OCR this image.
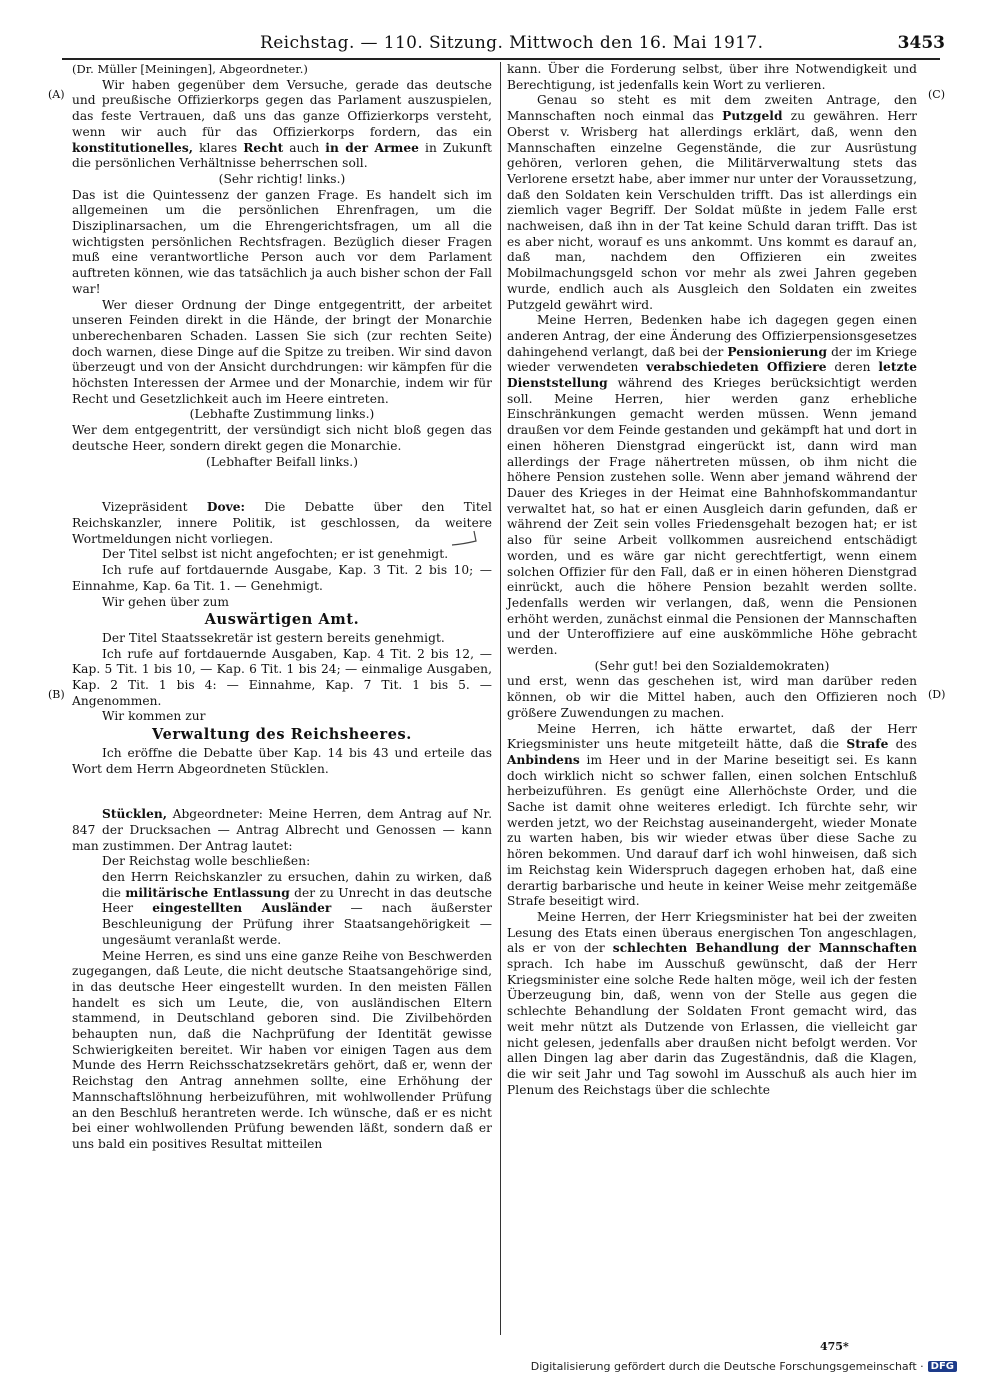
Reichstag. — 110. Sitzung. Mittwoch den 16. Mai 1917.	3453
(A)
(B)
(C)
(D)

(Dr. Müller [Meiningen], Abgeordneter.)

Wir haben gegenüber dem Versuche, gerade das deutsche und preußische Offizierkorps gegen das Parlament auszuspielen, das feste Vertrauen, daß uns das ganze Offizierkorps versteht, wenn wir auch für das Offizierkorps fordern, das ein konstitutionelles, klares Recht auch in der Armee in Zukunft die persönlichen Verhältnisse beherrschen soll.

(Sehr richtig! links.)

Das ist die Quintessenz der ganzen Frage. Es handelt sich im allgemeinen um die persönlichen Ehrenfragen, um die Disziplinarsachen, um die Ehrengerichtsfragen, um all die wichtigsten persönlichen Rechtsfragen. Bezüglich dieser Fragen muß eine verantwortliche Person auch vor dem Parlament auftreten können, wie das tatsächlich ja auch bisher schon der Fall war!

Wer dieser Ordnung der Dinge entgegentritt, der arbeitet unseren Feinden direkt in die Hände, der bringt der Monarchie unberechenbaren Schaden. Lassen Sie sich (zur rechten Seite) doch warnen, diese Dinge auf die Spitze zu treiben. Wir sind davon überzeugt und von der Ansicht durchdrungen: wir kämpfen für die höchsten Interessen der Armee und der Monarchie, indem wir für Recht und Gesetzlichkeit auch im Heere eintreten.

(Lebhafte Zustimmung links.)

Wer dem entgegentritt, der versündigt sich nicht bloß gegen das deutsche Heer, sondern direkt gegen die Monarchie.

(Lebhafter Beifall links.)

Vizepräsident Dove: Die Debatte über den Titel Reichskanzler, innere Politik, ist geschlossen, da weitere Wortmeldungen nicht vorliegen.

Der Titel selbst ist nicht angefochten; er ist genehmigt.

Ich rufe auf fortdauernde Ausgabe, Kap. 3 Tit. 2 bis 10; — Einnahme, Kap. 6a Tit. 1. — Genehmigt.

Wir gehen über zum

Auswärtigen Amt.

Der Titel Staatssekretär ist gestern bereits genehmigt.

Ich rufe auf fortdauernde Ausgaben, Kap. 4 Tit. 2 bis 12, — Kap. 5 Tit. 1 bis 10, — Kap. 6 Tit. 1 bis 24; — einmalige Ausgaben, Kap. 2 Tit. 1 bis 4: — Einnahme, Kap. 7 Tit. 1 bis 5. — Angenommen.

Wir kommen zur

Verwaltung des Reichsheeres.

Ich eröffne die Debatte über Kap. 14 bis 43 und erteile das Wort dem Herrn Abgeordneten Stücklen.

Stücklen, Abgeordneter: Meine Herren, dem Antrag auf Nr. 847 der Drucksachen — Antrag Albrecht und Genossen — kann man zustimmen. Der Antrag lautet:

Der Reichstag wolle beschließen:

den Herrn Reichskanzler zu ersuchen, dahin zu wirken, daß die militärische Entlassung der zu Unrecht in das deutsche Heer eingestellten Ausländer — nach äußerster Beschleunigung der Prüfung ihrer Staatsangehörigkeit — ungesäumt veranlaßt werde.

Meine Herren, es sind uns eine ganze Reihe von Beschwerden zugegangen, daß Leute, die nicht deutsche Staatsangehörige sind, in das deutsche Heer eingestellt wurden. In den meisten Fällen handelt es sich um Leute, die, von ausländischen Eltern stammend, in Deutschland geboren sind. Die Zivilbehörden behaupten nun, daß die Nachprüfung der Identität gewisse Schwierigkeiten bereitet. Wir haben vor einigen Tagen aus dem Munde des Herrn Reichsschatzsekretärs gehört, daß er, wenn der Reichstag den Antrag annehmen sollte, eine Erhöhung der Mannschaftslöhnung herbeizuführen, mit wohlwollender Prüfung an den Beschluß herantreten werde. Ich wünsche, daß er es nicht bei einer wohlwollenden Prüfung bewenden läßt, sondern daß er uns bald ein positives Resultat mitteilen

kann. Über die Forderung selbst, über ihre Notwendigkeit und Berechtigung, ist jedenfalls kein Wort zu verlieren.

Genau so steht es mit dem zweiten Antrage, den Mannschaften noch einmal das Putzgeld zu gewähren. Herr Oberst v. Wrisberg hat allerdings erklärt, daß, wenn den Mannschaften einzelne Gegenstände, die zur Ausrüstung gehören, verloren gehen, die Militärverwaltung stets das Verlorene ersetzt habe, aber immer nur unter der Voraussetzung, daß den Soldaten kein Verschulden trifft. Das ist allerdings ein ziemlich vager Begriff. Der Soldat müßte in jedem Falle erst nachweisen, daß ihn in der Tat keine Schuld daran trifft. Das ist es aber nicht, worauf es uns ankommt. Uns kommt es darauf an, daß man, nachdem den Offizieren ein zweites Mobilmachungsgeld schon vor mehr als zwei Jahren gegeben wurde, endlich auch als Ausgleich den Soldaten ein zweites Putzgeld gewährt wird.

Meine Herren, Bedenken habe ich dagegen gegen einen anderen Antrag, der eine Änderung des Offizierpensionsgesetzes dahingehend verlangt, daß bei der Pensionierung der im Kriege wieder verwendeten verabschiedeten Offiziere deren letzte Dienststellung während des Krieges berücksichtigt werden soll. Meine Herren, hier werden ganz erhebliche Einschränkungen gemacht werden müssen. Wenn jemand draußen vor dem Feinde gestanden und gekämpft hat und dort in einen höheren Dienstgrad eingerückt ist, dann wird man allerdings der Frage nähertreten müssen, ob ihm nicht die höhere Pension zustehen solle. Wenn aber jemand während der Dauer des Krieges in der Heimat eine Bahnhofskommandantur verwaltet hat, so hat er einen Ausgleich darin gefunden, daß er während der Zeit sein volles Friedensgehalt bezogen hat; er ist also für seine Arbeit vollkommen ausreichend entschädigt worden, und es wäre gar nicht gerechtfertigt, wenn einem solchen Offizier für den Fall, daß er in einen höheren Dienstgrad einrückt, auch die höhere Pension bezahlt werden sollte. Jedenfalls werden wir verlangen, daß, wenn die Pensionen erhöht werden, zunächst einmal die Pensionen der Mannschaften und der Unteroffiziere auf eine auskömmliche Höhe gebracht werden.

(Sehr gut! bei den Sozialdemokraten)

und erst, wenn das geschehen ist, wird man darüber reden können, ob wir die Mittel haben, auch den Offizieren noch größere Zuwendungen zu machen.

Meine Herren, ich hätte erwartet, daß der Herr Kriegsminister uns heute mitgeteilt hätte, daß die Strafe des Anbindens im Heer und in der Marine beseitigt sei. Es kann doch wirklich nicht so schwer fallen, einen solchen Entschluß herbeizuführen. Es genügt eine Allerhöchste Order, und die Sache ist damit ohne weiteres erledigt. Ich fürchte sehr, wir werden jetzt, wo der Reichstag auseinandergeht, wieder Monate zu warten haben, bis wir wieder etwas über diese Sache zu hören bekommen. Und darauf darf ich wohl hinweisen, daß sich im Reichstag kein Widerspruch dagegen erhoben hat, daß eine derartig barbarische und heute in keiner Weise mehr zeitgemäße Strafe beseitigt wird.

Meine Herren, der Herr Kriegsminister hat bei der zweiten Lesung des Etats einen überaus energischen Ton angeschlagen, als er von der schlechten Behandlung der Mannschaften sprach. Ich habe im Ausschuß gewünscht, daß der Herr Kriegsminister eine solche Rede halten möge, weil ich der festen Überzeugung bin, daß, wenn von der Stelle aus gegen die schlechte Behandlung der Soldaten Front gemacht wird, das weit mehr nützt als Dutzende von Erlassen, die vielleicht gar nicht gelesen, jedenfalls aber draußen nicht befolgt werden. Vor allen Dingen lag aber darin das Zugeständnis, daß die Klagen, die wir seit Jahr und Tag sowohl im Ausschuß als auch hier im Plenum des Reichstags über die schlechte

475*
Digitalisierung gefördert durch die Deutsche Forschungsgemeinschaft · DFG
